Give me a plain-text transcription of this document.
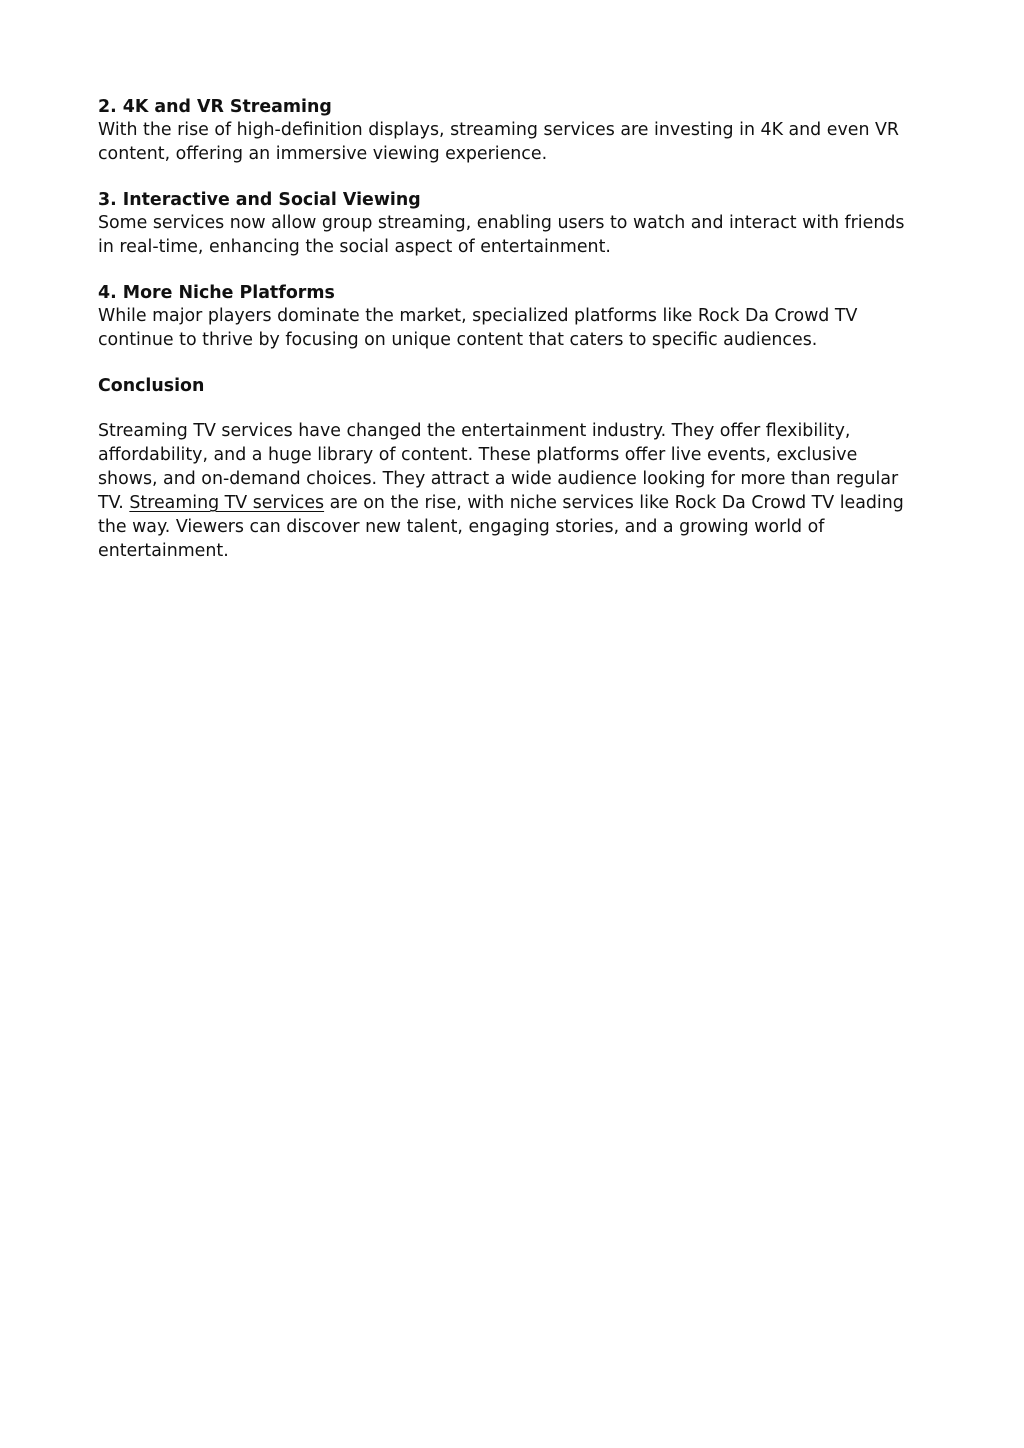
2. 4K and VR Streaming

With the rise of high-definition displays, streaming services are investing in 4K and even VR content, offering an immersive viewing experience.

3. Interactive and Social Viewing

Some services now allow group streaming, enabling users to watch and interact with friends in real-time, enhancing the social aspect of entertainment.

4. More Niche Platforms

While major players dominate the market, specialized platforms like Rock Da Crowd TV continue to thrive by focusing on unique content that caters to specific audiences.

Conclusion

Streaming TV services have changed the entertainment industry. They offer flexibility, affordability, and a huge library of content. These platforms offer live events, exclusive shows, and on-demand choices. They attract a wide audience looking for more than regular TV. Streaming TV services are on the rise, with niche services like Rock Da Crowd TV leading the way. Viewers can discover new talent, engaging stories, and a growing world of entertainment.
